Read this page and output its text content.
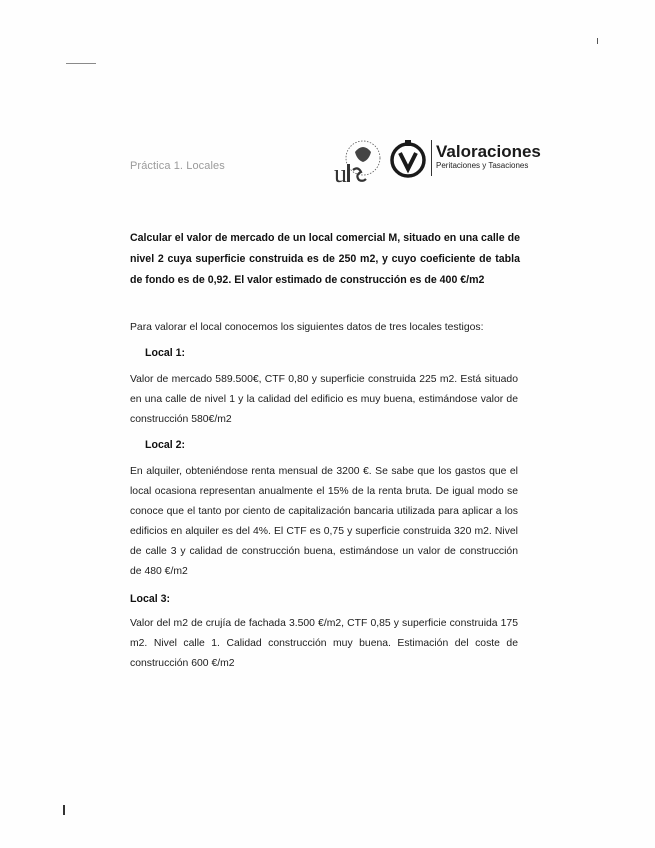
Práctica 1. Locales	u
Valoraciones
Peritaciones y Tasaciones
Calcular el valor de mercado de un local comercial M, situado en una calle de nivel 2 cuya superficie construida es de 250 m2, y cuyo coeficiente de tabla de fondo es de 0,92. El valor estimado de construcción es de 400 €/m2
Para valorar el local conocemos los siguientes datos de tres locales testigos:
Local 1:
Valor de mercado 589.500€, CTF 0,80 y superficie construida 225 m2. Está situado en una calle de nivel 1 y la calidad del edificio es muy buena, estimándose valor de construcción 580€/m2
Local 2:
En alquiler, obteniéndose renta mensual de 3200 €. Se sabe que los gastos que el local ocasiona representan anualmente el 15% de la renta bruta. De igual modo se conoce que el tanto por ciento de capitalización bancaria utilizada para aplicar a los edificios en alquiler es del 4%. El CTF es 0,75 y superficie construida 320 m2. Nivel de calle 3 y calidad de construcción buena, estimándose un valor de construcción de 480 €/m2
Local 3:
Valor del m2 de crujía de fachada 3.500 €/m2, CTF 0,85 y superficie construida 175 m2. Nivel calle 1. Calidad construcción muy buena. Estimación del coste de construcción 600 €/m2
